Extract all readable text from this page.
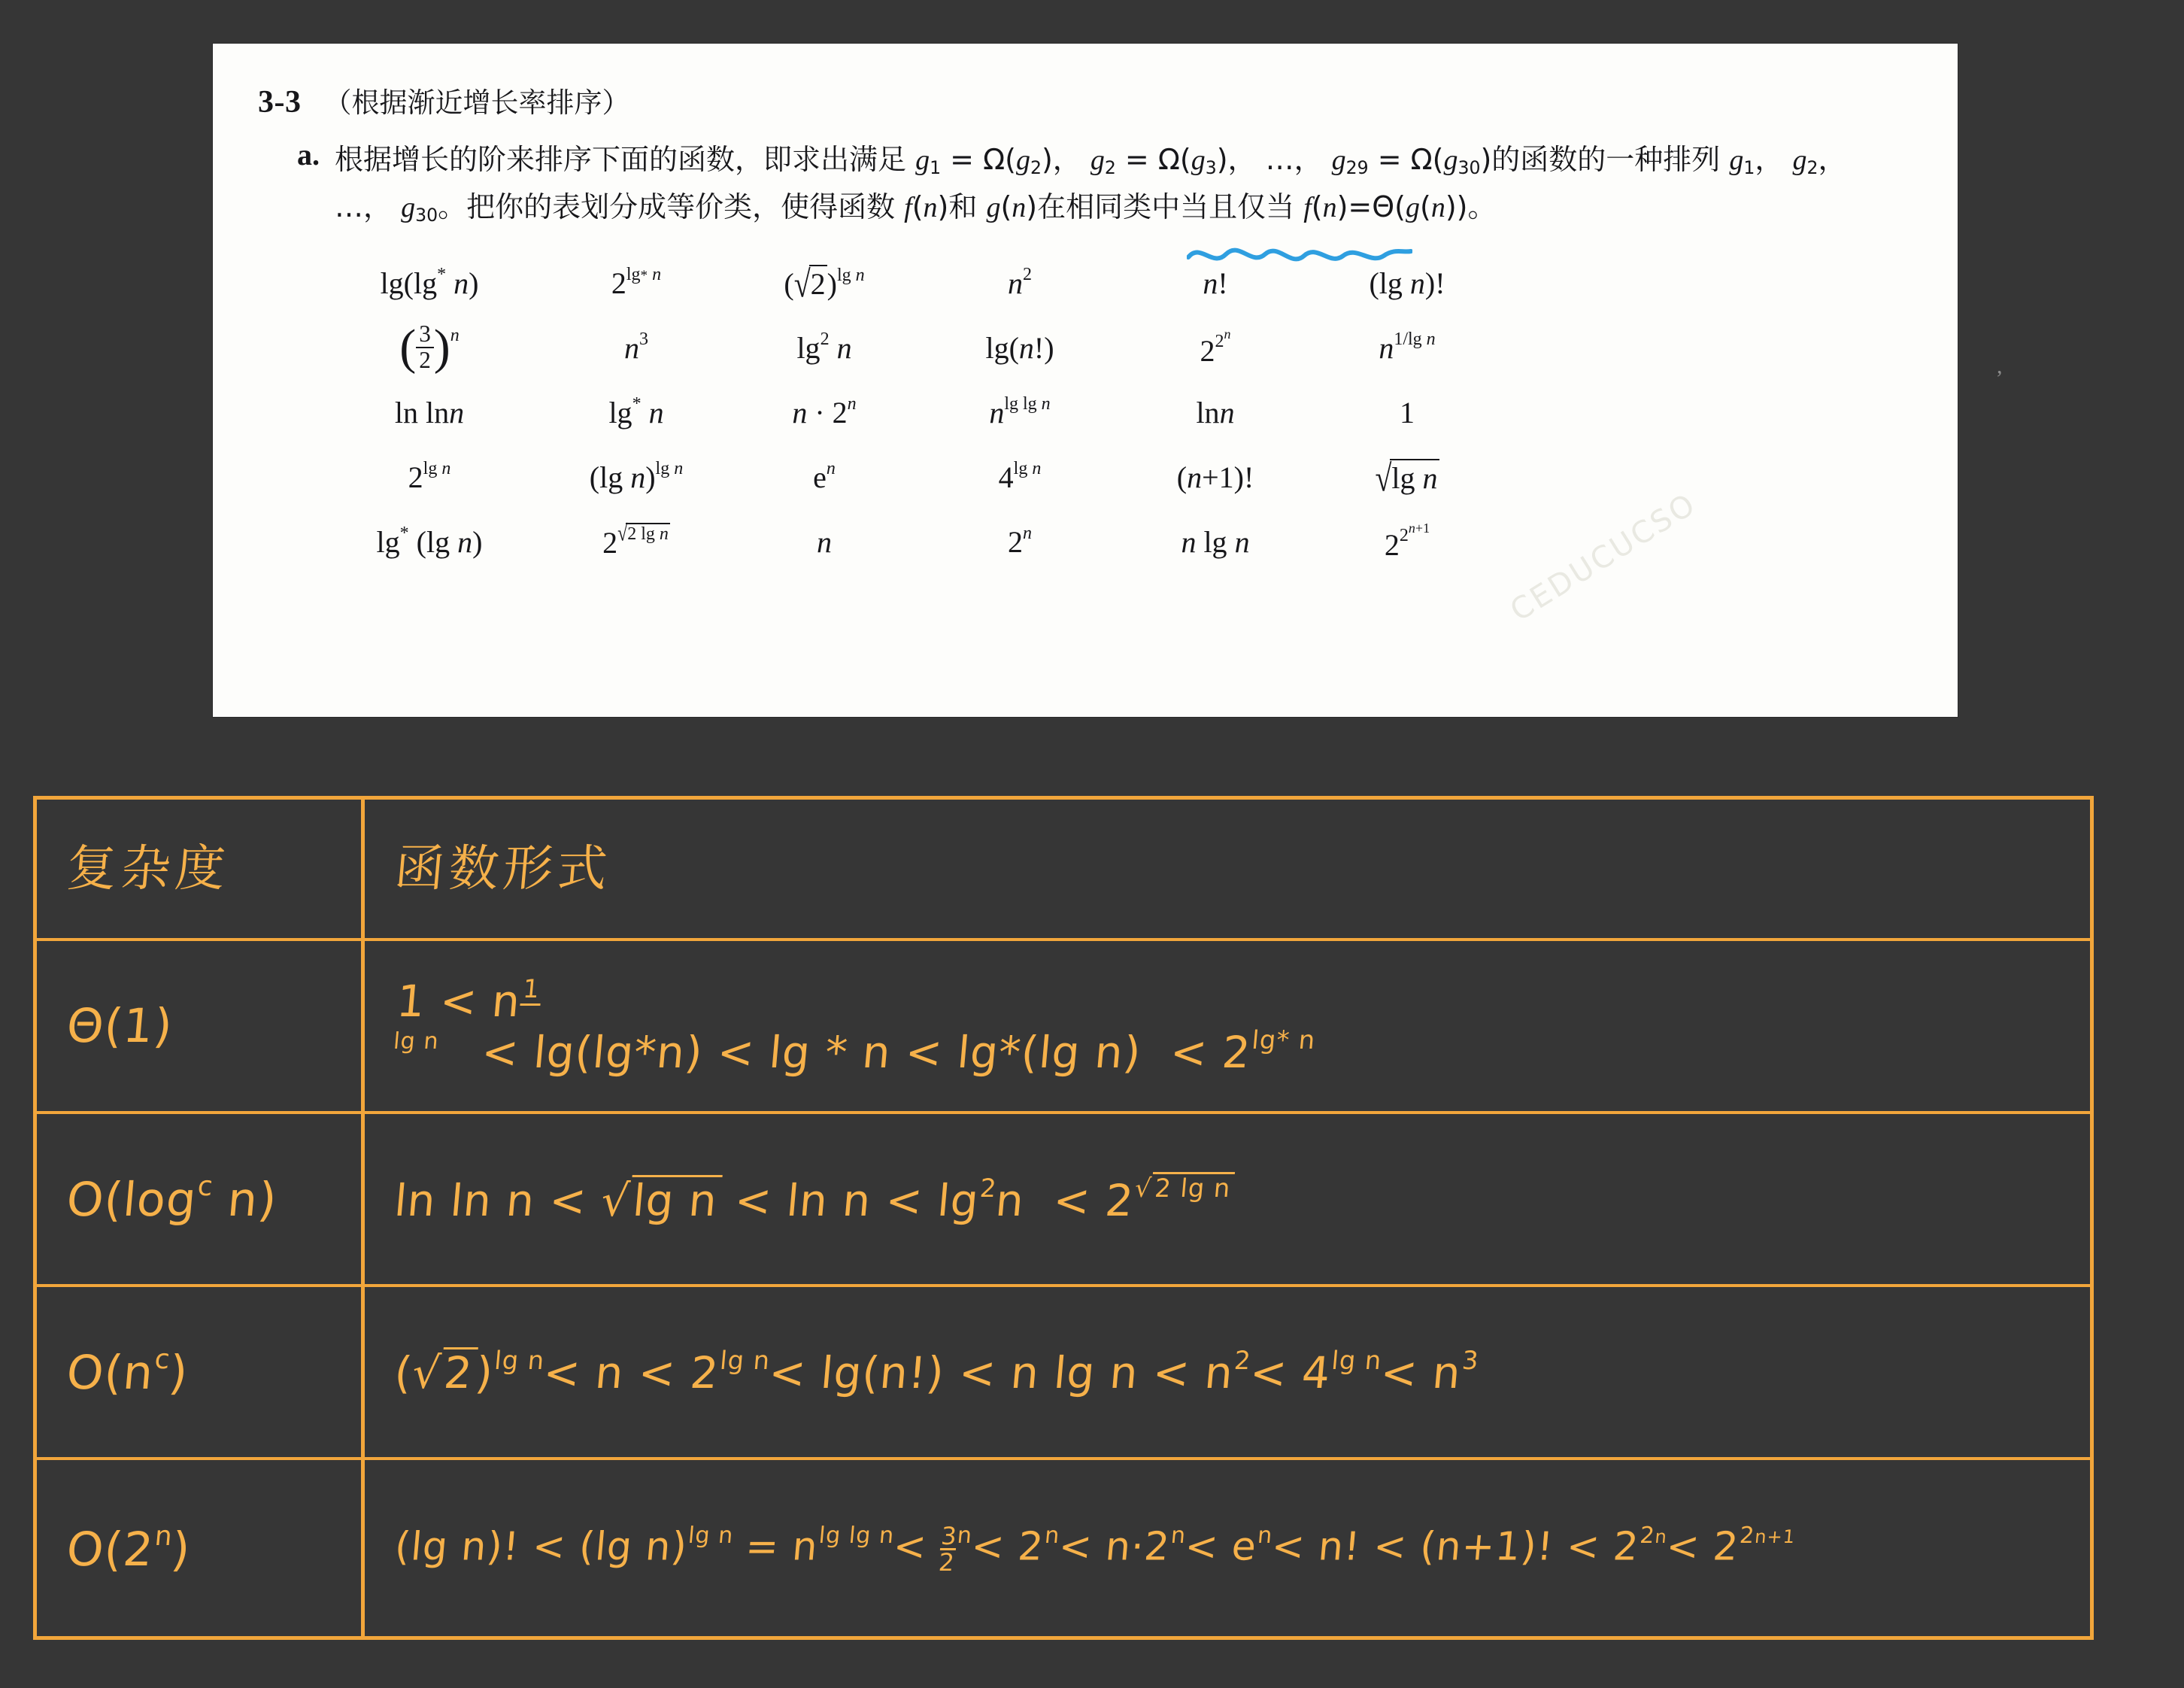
3-3 （根据渐近增长率排序）
a. 根据增长的阶来排序下面的函数，即求出满足 $g_1 = \Omega(g_2)$， $g_2 = \Omega(g_3)$， …， $g_{29} = \Omega(g_{30})$的函数的一种排列 $g_1$， $g_2$， …， $g_{30}$。把你的表划分成等价类，使得函数 f(n)和 g(n)在相同类中当且仅当 f(n)=Θ(g(n))。
lg(lg* n)	$2^{lg* n}$	$(√2)^{lg n}$	$n^2$	n!	(lg n)!
( $\frac{3}{2} )^n$	$n^3$	$\lg^2 n$	lg(n!)	$2^{2^n}$	$n^{1/lg n}$
ln lnn	lg* n	$n \cdot 2^n$	$n^{lg lg n}$	lnn	1
$2^{lg n}$	(lg n)$^{lg n}$	$e^n$	$4^{lg n}$	(n+1)!	√lg n
lg* (lg n)	$2^{√2 lg n}$	n	2$^n$	n lg n	$2^{2^{n+1}}$	CEDUCUCSO
,
复杂度	函数形式
Θ(1)	$1 < n^{1 lg n} < \lg(\lg*n) < \lg * n < \lg*(\lg$ $n) < 2^{lg* n}$
$O(\log^c$ n)	ln ln n < √lg $n < \ln n < \lg^2n < 2^{√2 lg n}$
$O(n^c)$	$(√2)^{lg n}< n < 2^{lg n}< \lg(n!) < n$ $\lg n < n^2< 4^{lg n}< n^3$
O(2$^n$)	(lg n)! < (lg $n)^{lg n} = n^{lg lg n}<$
$\frac{3}{2}$
$^n< 2^n< n\cdot 2^n< e^n< n$! < (n+1)! < $2^{2n}< 2^{2n+1}$
